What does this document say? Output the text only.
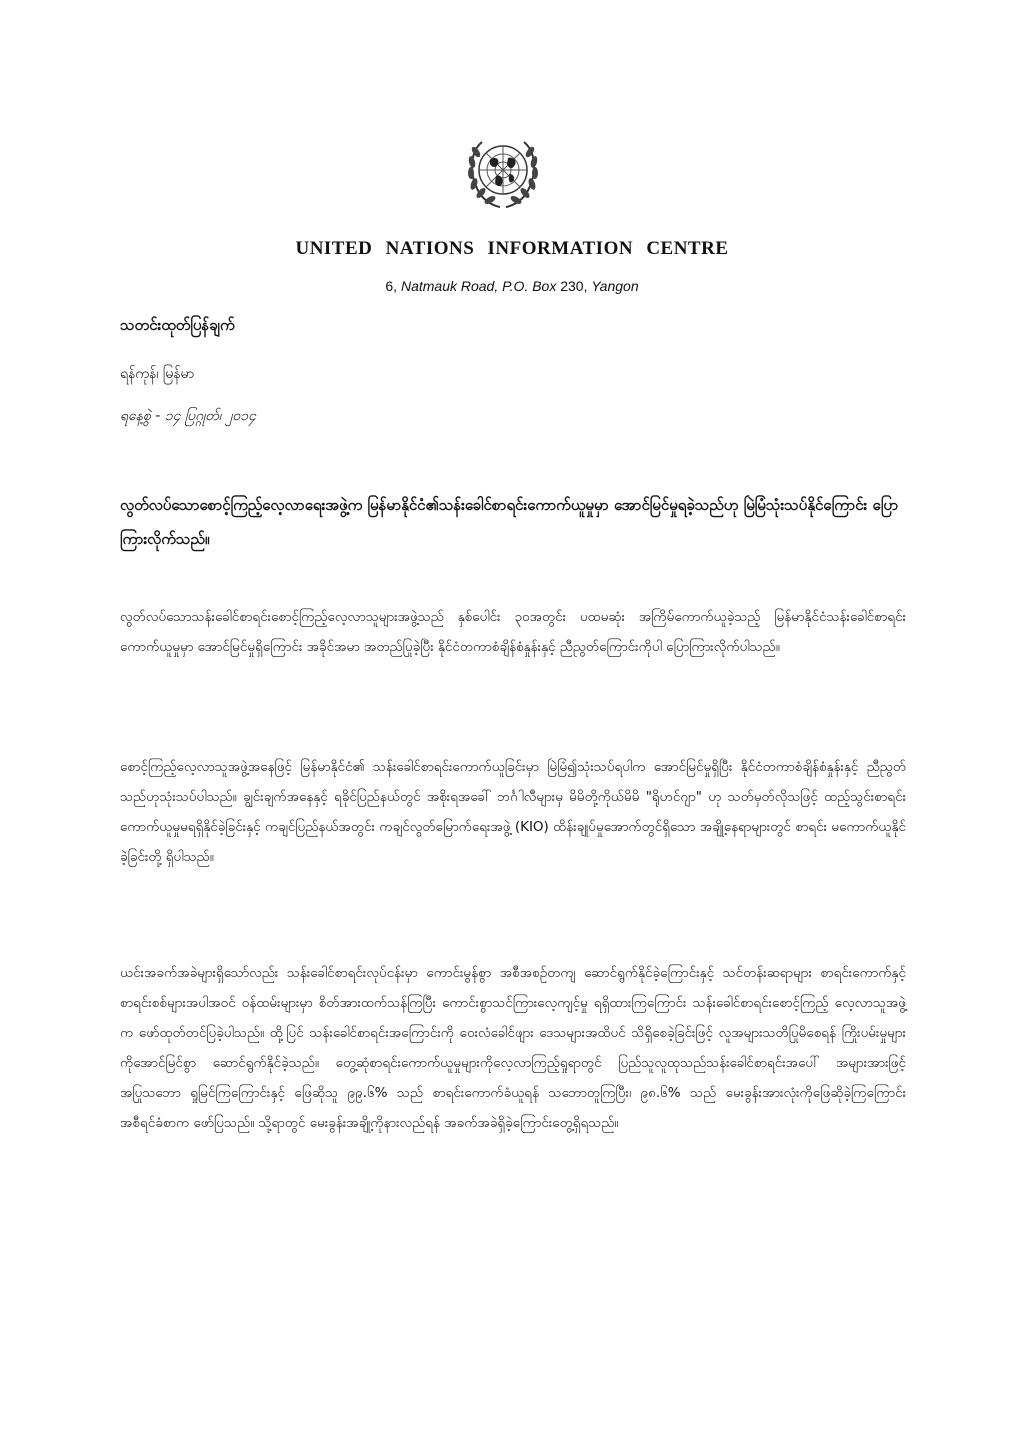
UNITED NATIONS INFORMATION CENTRE
6, Natmauk Road, P.O. Box 230, Yangon
သတင်းထုတ်ပြန်ချက်
ရန်ကုန်၊ မြန်မာ
ရနေ့စွဲ - ၁၄ ပြဂ္ဂုတ်၊ ၂၀၁၄
လွတ်လပ်သောစောင့်ကြည့်လေ့လာရေးအဖွဲ့က မြန်မာနိုင်ငံ၏သန်းခေါင်စာရင်းကောက်ယူမှုမှာ အောင်မြင်မှုရခဲ့သည်ဟု မြဲမြံသုံးသပ်နိုင်ကြောင်း ပြောကြားလိုက်သည်။
လွတ်လပ်သောသန်းခေါင်စာရင်းစောင့်ကြည့်လေ့လာသူများအဖွဲ့သည် နှစ်ပေါင်း ၃၀အတွင်း ပထမဆုံး အကြိမ်ကောက်ယူခဲ့သည့် မြန်မာနိုင်ငံသန်းခေါင်စာရင်းကောက်ယူမှုမှာ အောင်မြင်မှုရှိကြောင်း အခိုင်အမာ အတည်ပြုခဲ့ပြီး နိုင်ငံတကာစံချိန်စံနှုန်းနှင့် ညီညွတ်ကြောင်းကိုပါ ပြောကြားလိုက်ပါသည်။
စောင့်ကြည့်လေ့လာသူအဖွဲ့အနေဖြင့် မြန်မာနိုင်ငံ၏ သန်းခေါင်စာရင်းကောက်ယူခြင်းမှာ မြဲမြံ၍သုံးသပ်ရပါက အောင်မြင်မှုရှိပြီး နိုင်ငံတကာစံချိန်စံနှုန်းနှင့် ညီညွတ်သည်ဟုသုံးသပ်ပါသည်။ ချွင်းချက်အနေနှင့် ရခိုင်ပြည်နယ်တွင် အစိုးရအခေါ် ဘင်္ဂါလီများမှ မိမိတို့ကိုယ်မိမိ "ရိုဟင်ဂျာ" ဟု သတ်မှတ်လိုသဖြင့် ထည့်သွင်းစာရင်းကောက်ယူမှုမရရှိနိုင်ခဲ့ခြင်းနှင့် ကချင်ပြည်နယ်အတွင်း ကချင်လွတ်မြောက်ရေးအဖွဲ့ (KIO) ထိန်းချုပ်မှုအောက်တွင်ရှိသော အချို့နေရာများတွင် စာရင်း မကောက်ယူနိုင်ခဲ့ခြင်းတို့ ရှိပါသည်။
ယင်းအခက်အခဲများရှိသော်လည်း သန်းခေါင်စာရင်းလုပ်ငန်းမှာ ကောင်းမွန်စွာ အစီအစဉ်တကျ ဆောင်ရွက်နိုင်ခဲ့ကြောင်းနှင့် သင်တန်းဆရာများ စာရင်းကောက်နှင့် စာရင်းစစ်များအပါအဝင် ဝန်ထမ်းများမှာ စိတ်အားထက်သန်ကြပြီး ကောင်းစွာသင်ကြားလေ့ကျင့်မှု ရရှိထားကြကြောင်း သန်းခေါင်စာရင်းစောင့်ကြည့် လေ့လာသူအဖွဲ့က ဖော်ထုတ်တင်ပြခဲ့ပါသည်။ ထို့ပြင် သန်းခေါင်စာရင်းအကြောင်းကို ဝေးလံခေါင်ဖျား ဒေသများအထိပင် သိရှိစေခဲ့ခြင်းဖြင့် လူအများသတိပြုမိစေရန် ကြိုးပမ်းမှုများကိုအောင်မြင်စွာ ဆောင်ရွက်နိုင်ခဲ့သည်။ တွေ့ဆုံစာရင်းကောက်ယူမှုများကိုလေ့လာကြည့်ရှုရာတွင် ပြည်သူလူထုသည်သန်းခေါင်စာရင်းအပေါ် အများအားဖြင့် အပြုသဘော ရှုမြင်ကြကြောင်းနှင့် ဖြေဆိုသူ ၉၉.၆% သည် စာရင်းကောက်ခံယူရန် သဘောတူကြပြီး၊ ၉၈.၆% သည် မေးခွန်းအားလုံးကိုဖြေဆိုခဲ့ကြကြောင်းအစီရင်ခံစာက ဖော်ပြသည်။ သို့ရာတွင် မေးခွန်းအချို့ကိုနားလည်ရန် အခက်အခဲရှိခဲ့ကြောင်းတွေ့ရှိရသည်။
